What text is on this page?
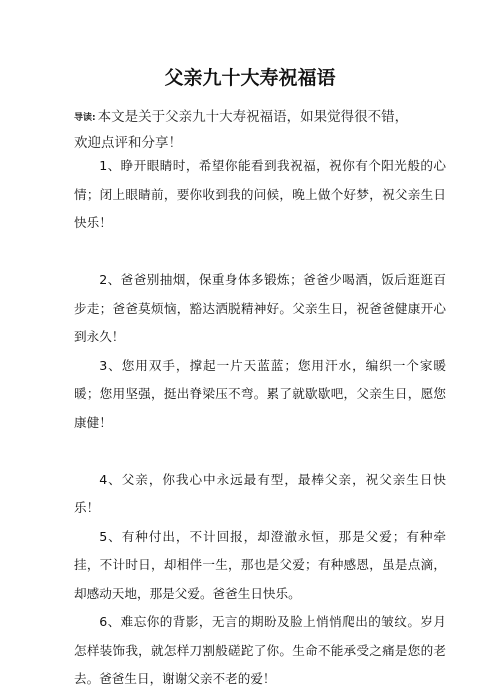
父亲九十大寿祝福语
导读: 本文是关于父亲九十大寿祝福语，如果觉得很不错，
欢迎点评和分享！

1、睁开眼睛时，希望你能看到我祝福，祝你有个阳光般的心情；闭上眼睛前，要你收到我的问候，晚上做个好梦，祝父亲生日快乐！

2、爸爸别抽烟，保重身体多锻炼；爸爸少喝酒，饭后逛逛百步走；爸爸莫烦恼，豁达洒脱精神好。父亲生日，祝爸爸健康开心到永久！

3、您用双手，撑起一片天蓝蓝；您用汗水，编织一个家暖暖；您用坚强，挺出脊梁压不弯。累了就歇歇吧，父亲生日，愿您康健！

4、父亲，你我心中永远最有型，最棒父亲，祝父亲生日快乐！

5、有种付出，不计回报，却澄澈永恒，那是父爱；有种牵挂，不计时日，却相伴一生，那也是父爱；有种感恩，虽是点滴，却感动天地，那是父爱。爸爸生日快乐。

6、难忘你的背影，无言的期盼及脸上悄悄爬出的皱纹。岁月怎样装饰我，就怎样刀割般磋跎了你。生命不能承受之痛是您的老去。爸爸生日，谢谢父亲不老的爱！
